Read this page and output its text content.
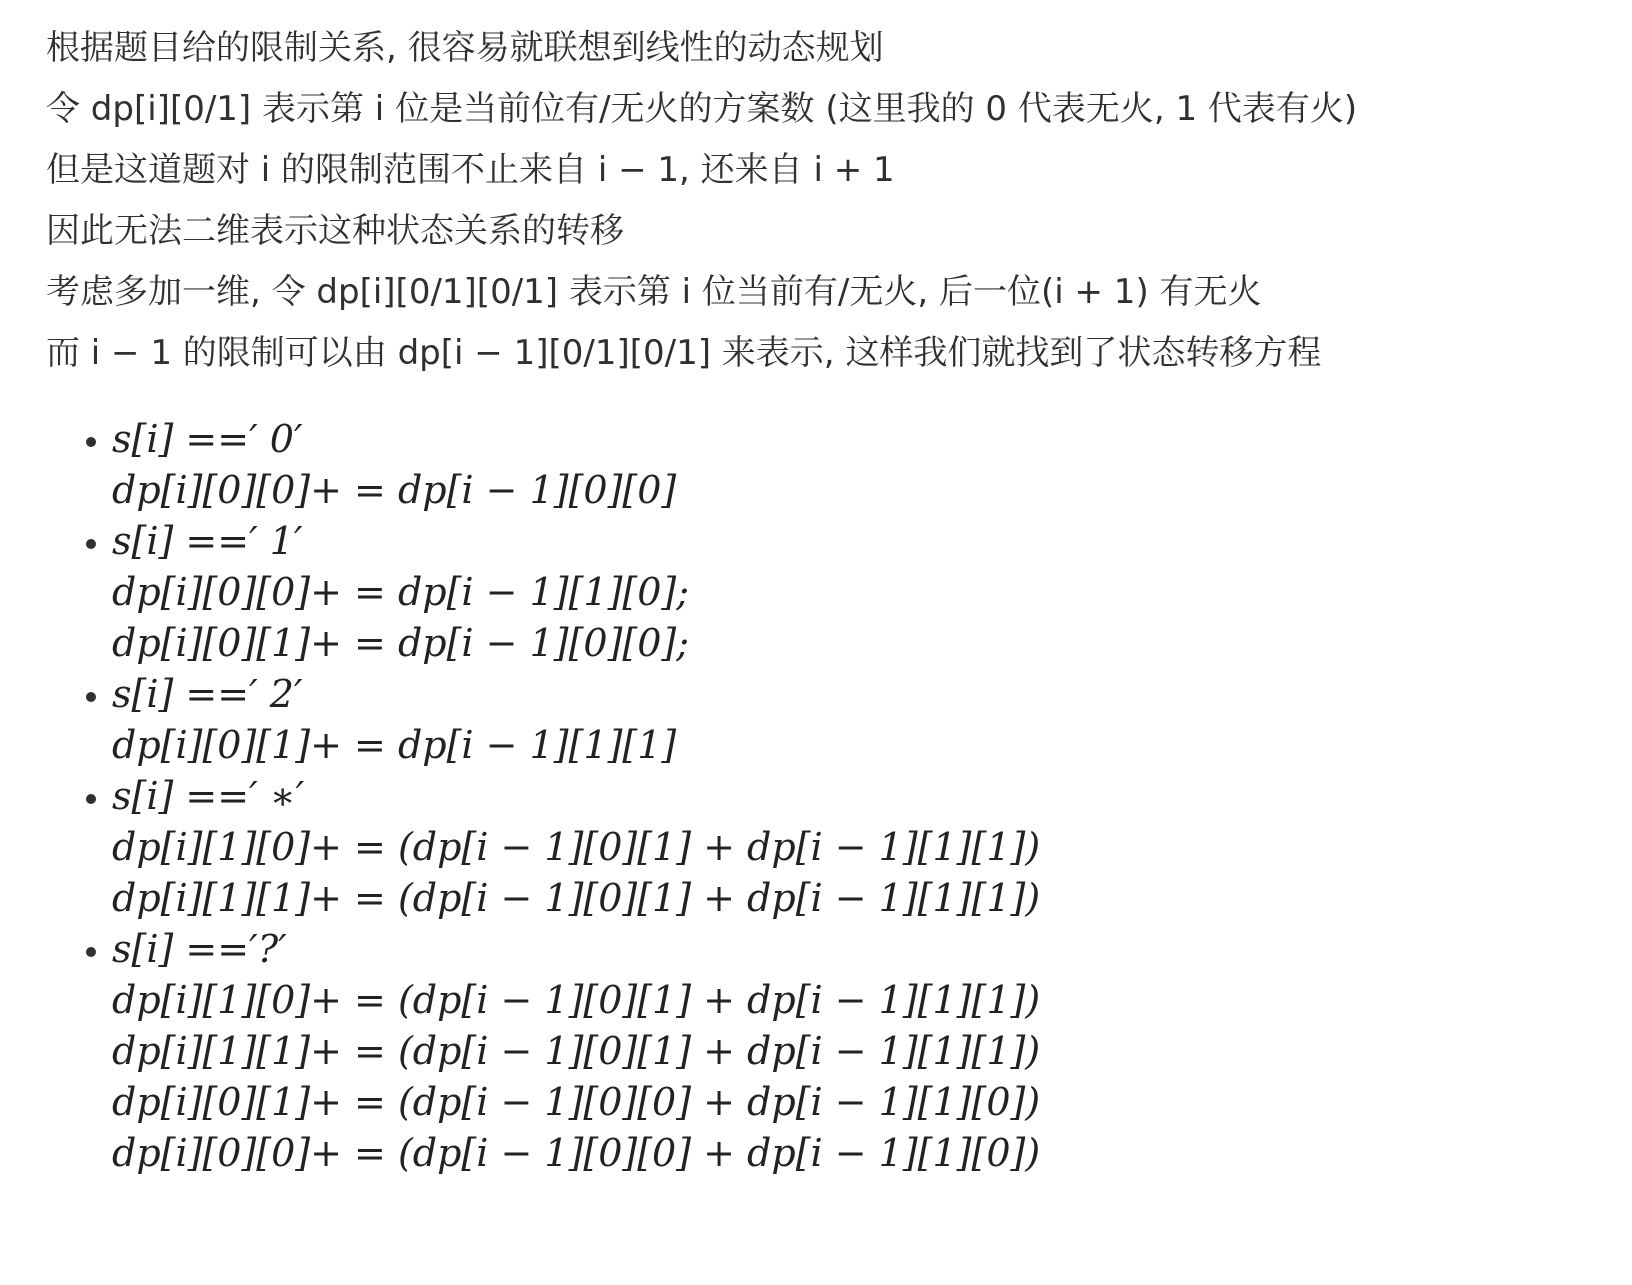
根据题目给的限制关系, 很容易就联想到线性的动态规划
令 dp[i][0/1] 表示第 i 位是当前位有/无火的方案数 (这里我的 0 代表无火, 1 代表有火)
但是这道题对 i 的限制范围不止来自 i − 1, 还来自 i + 1
因此无法二维表示这种状态关系的转移
考虑多加一维, 令 dp[i][0/1][0/1] 表示第 i 位当前有/无火, 后一位(i + 1) 有无火
而 i − 1 的限制可以由 dp[i − 1][0/1][0/1] 来表示, 这样我们就找到了状态转移方程
s[i] ==′ 0′
dp[i][0][0]+ = dp[i − 1][0][0]
s[i] ==′ 1′
dp[i][0][0]+ = dp[i − 1][1][0];
dp[i][0][1]+ = dp[i − 1][0][0];
s[i] ==′ 2′
dp[i][0][1]+ = dp[i − 1][1][1]
s[i] ==′ ∗′
dp[i][1][0]+ = (dp[i − 1][0][1] + dp[i − 1][1][1])
dp[i][1][1]+ = (dp[i − 1][0][1] + dp[i − 1][1][1])
s[i] ==′?′
dp[i][1][0]+ = (dp[i − 1][0][1] + dp[i − 1][1][1])
dp[i][1][1]+ = (dp[i − 1][0][1] + dp[i − 1][1][1])
dp[i][0][1]+ = (dp[i − 1][0][0] + dp[i − 1][1][0])
dp[i][0][0]+ = (dp[i − 1][0][0] + dp[i − 1][1][0])
